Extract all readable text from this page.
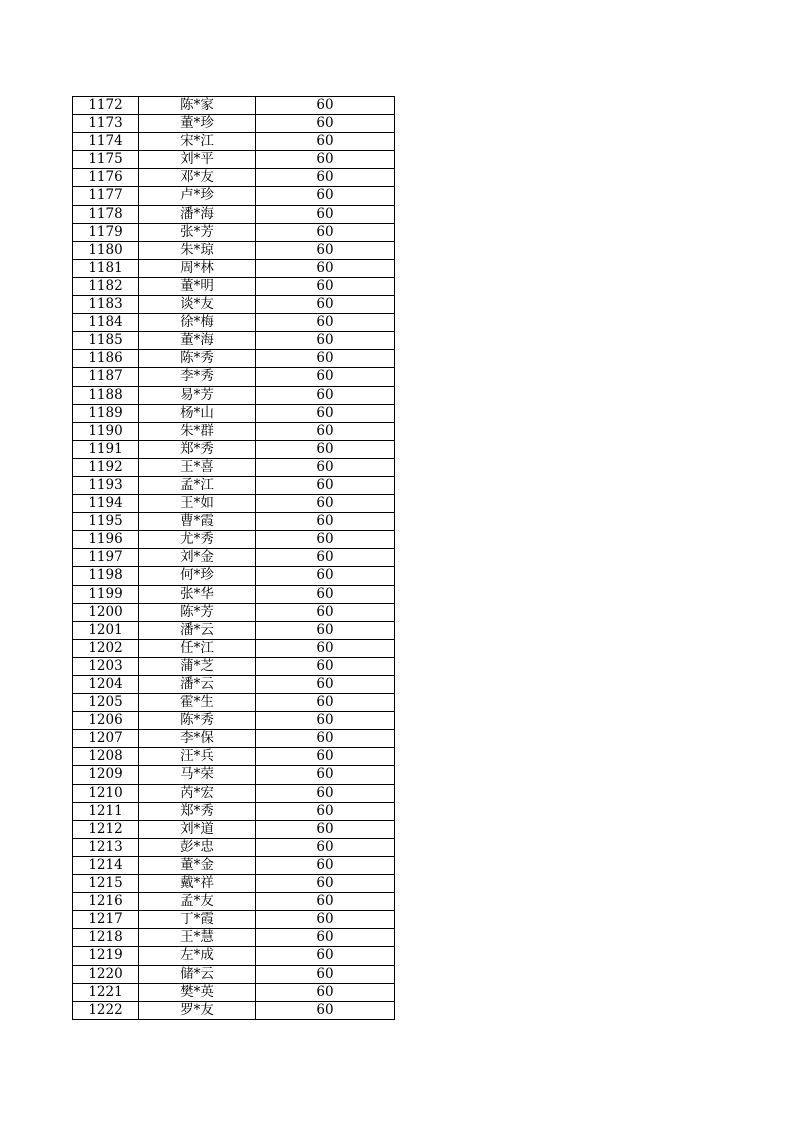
1172	陈*家	60
1173	董*珍	60
1174	宋*江	60
1175	刘*平	60
1176	邓*友	60
1177	卢*珍	60
1178	潘*海	60
1179	张*芳	60
1180	朱*琼	60
1181	周*林	60
1182	董*明	60
1183	谈*友	60
1184	徐*梅	60
1185	董*海	60
1186	陈*秀	60
1187	李*秀	60
1188	易*芳	60
1189	杨*山	60
1190	朱*群	60
1191	郑*秀	60
1192	王*喜	60
1193	孟*江	60
1194	王*如	60
1195	曹*霞	60
1196	尤*秀	60
1197	刘*金	60
1198	何*珍	60
1199	张*华	60
1200	陈*芳	60
1201	潘*云	60
1202	任*江	60
1203	蒲*芝	60
1204	潘*云	60
1205	霍*生	60
1206	陈*秀	60
1207	李*保	60
1208	汪*兵	60
1209	马*荣	60
1210	芮*宏	60
1211	郑*秀	60
1212	刘*道	60
1213	彭*忠	60
1214	董*金	60
1215	戴*祥	60
1216	孟*友	60
1217	丁*霞	60
1218	王*慧	60
1219	左*成	60
1220	储*云	60
1221	樊*英	60
1222	罗*友	60
